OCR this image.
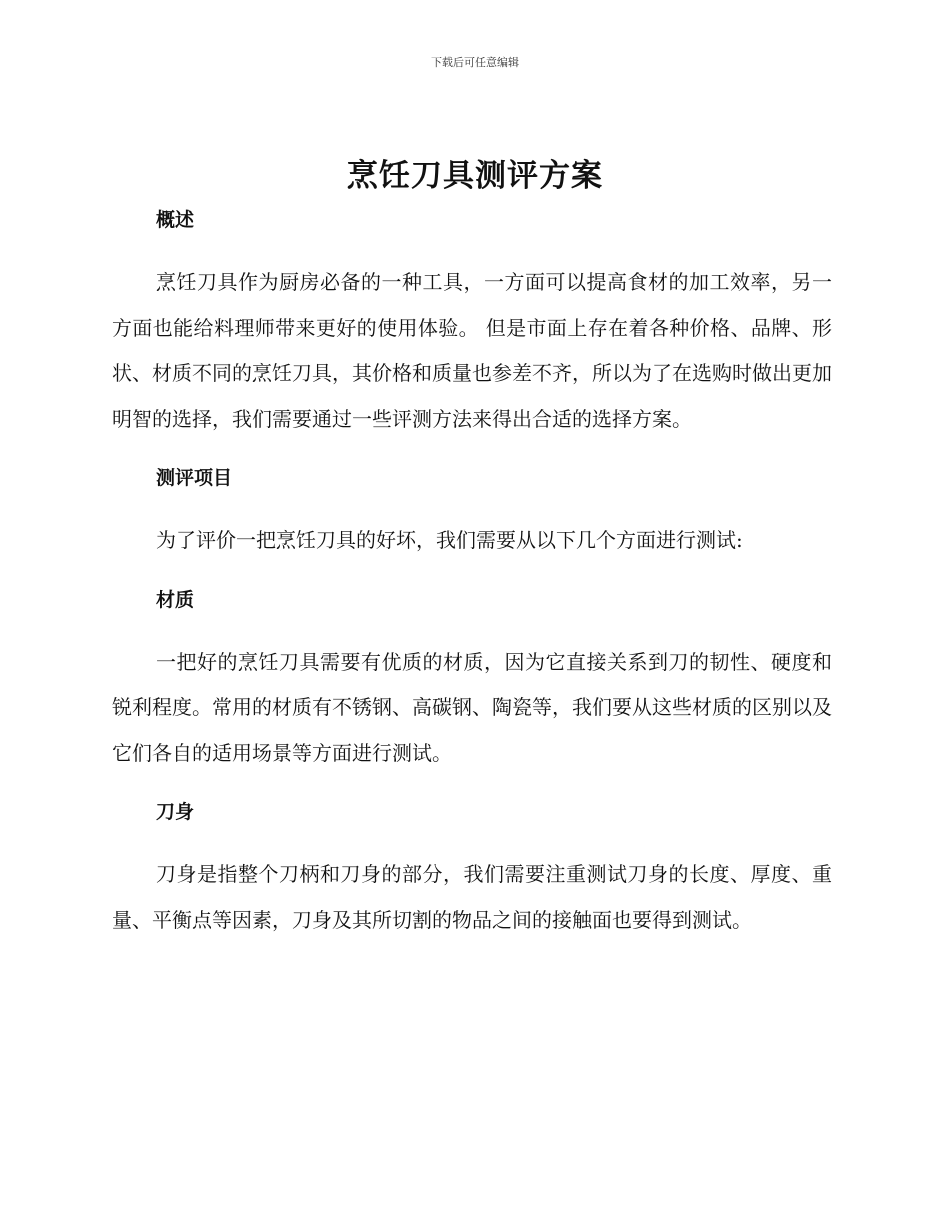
下载后可任意编辑
烹饪刀具测评方案
概述

烹饪刀具作为厨房必备的一种工具，一方面可以提高食材的加工效率，另一方面也能给料理师带来更好的使用体验。 但是市面上存在着各种价格、品牌、形状、材质不同的烹饪刀具，其价格和质量也参差不齐，所以为了在选购时做出更加明智的选择，我们需要通过一些评测方法来得出合适的选择方案。

测评项目

为了评价一把烹饪刀具的好坏，我们需要从以下几个方面进行测试:

材质

一把好的烹饪刀具需要有优质的材质，因为它直接关系到刀的韧性、硬度和锐利程度。常用的材质有不锈钢、高碳钢、陶瓷等，我们要从这些材质的区别以及它们各自的适用场景等方面进行测试。

刀身

刀身是指整个刀柄和刀身的部分，我们需要注重测试刀身的长度、厚度、重量、平衡点等因素，刀身及其所切割的物品之间的接触面也要得到测试。
